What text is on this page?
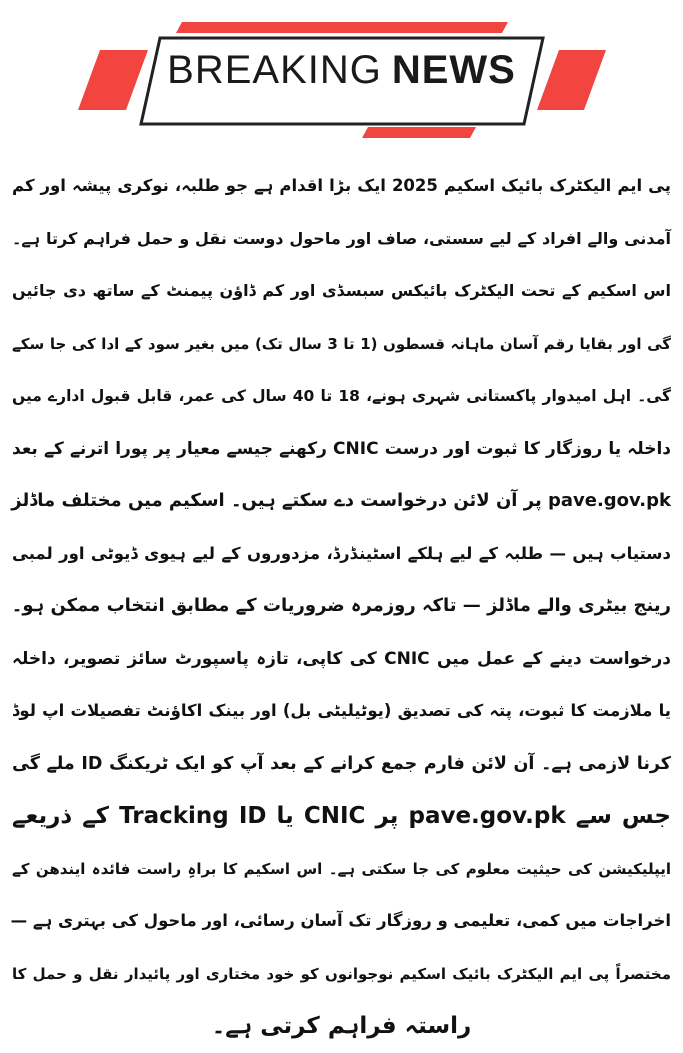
BREAKING NEWS
پی ایم الیکٹرک بائیک اسکیم 2025 ایک بڑا اقدام ہے جو طلبہ، نوکری پیشہ اور کم
آمدنی والے افراد کے لیے سستی، صاف اور ماحول دوست نقل و حمل فراہم کرتا ہے۔
اس اسکیم کے تحت الیکٹرک بائیکس سبسڈی اور کم ڈاؤن پیمنٹ کے ساتھ دی جائیں
گی اور بقایا رقم آسان ماہانہ قسطوں (1 تا 3 سال تک) میں بغیر سود کے ادا کی جا سکے
گی۔ اہل امیدوار پاکستانی شہری ہونے، 18 تا 40 سال کی عمر، قابل قبول ادارے میں
داخلہ یا روزگار کا ثبوت اور درست CNIC رکھنے جیسے معیار پر پورا اترنے کے بعد
pave.gov.pk پر آن لائن درخواست دے سکتے ہیں۔ اسکیم میں مختلف ماڈلز
دستیاب ہیں — طلبہ کے لیے ہلکے اسٹینڈرڈ، مزدوروں کے لیے ہیوی ڈیوٹی اور لمبی
رینج بیٹری والے ماڈلز — تاکہ روزمرہ ضروریات کے مطابق انتخاب ممکن ہو۔
درخواست دینے کے عمل میں CNIC کی کاپی، تازہ پاسپورٹ سائز تصویر، داخلہ
یا ملازمت کا ثبوت، پتہ کی تصدیق (یوٹیلیٹی بل) اور بینک اکاؤنٹ تفصیلات اپ لوڈ
کرنا لازمی ہے۔ آن لائن فارم جمع کرانے کے بعد آپ کو ایک ٹریکنگ ID ملے گی
جس سے pave.gov.pk پر CNIC یا Tracking ID کے ذریعے
ایپلیکیشن کی حیثیت معلوم کی جا سکتی ہے۔ اس اسکیم کا براہِ راست فائدہ ایندھن کے
اخراجات میں کمی، تعلیمی و روزگار تک آسان رسائی، اور ماحول کی بہتری ہے —
مختصراً پی ایم الیکٹرک بائیک اسکیم نوجوانوں کو خود مختاری اور پائیدار نقل و حمل کا
راستہ فراہم کرتی ہے۔
